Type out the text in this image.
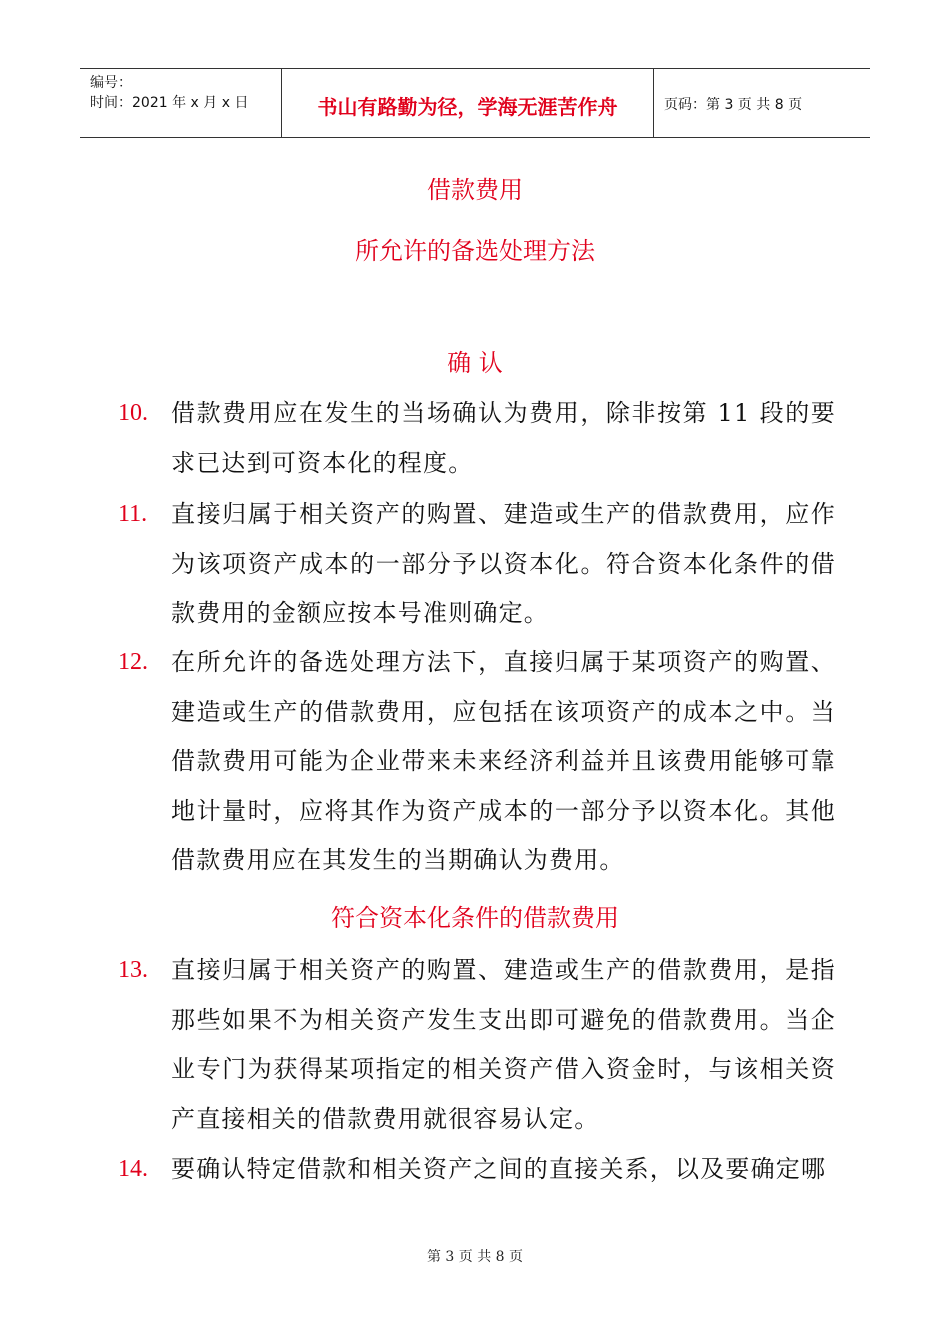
编号：
时间：2021 年 x 月 x 日	书山有路勤为径，学海无涯苦作舟	页码：第 3 页 共 8 页
借款费用
所允许的备选处理方法
确 认
10. 借款费用应在发生的当场确认为费用，除非按第 11 段的要求已达到可资本化的程度。
11. 直接归属于相关资产的购置、建造或生产的借款费用，应作为该项资产成本的一部分予以资本化。符合资本化条件的借款费用的金额应按本号准则确定。
12. 在所允许的备选处理方法下，直接归属于某项资产的购置、建造或生产的借款费用，应包括在该项资产的成本之中。当借款费用可能为企业带来未来经济利益并且该费用能够可靠地计量时，应将其作为资产成本的一部分予以资本化。其他借款费用应在其发生的当期确认为费用。
符合资本化条件的借款费用
13. 直接归属于相关资产的购置、建造或生产的借款费用，是指那些如果不为相关资产发生支出即可避免的借款费用。当企业专门为获得某项指定的相关资产借入资金时，与该相关资产直接相关的借款费用就很容易认定。
14. 要确认特定借款和相关资产之间的直接关系，以及要确定哪
第 3 页 共 8 页
